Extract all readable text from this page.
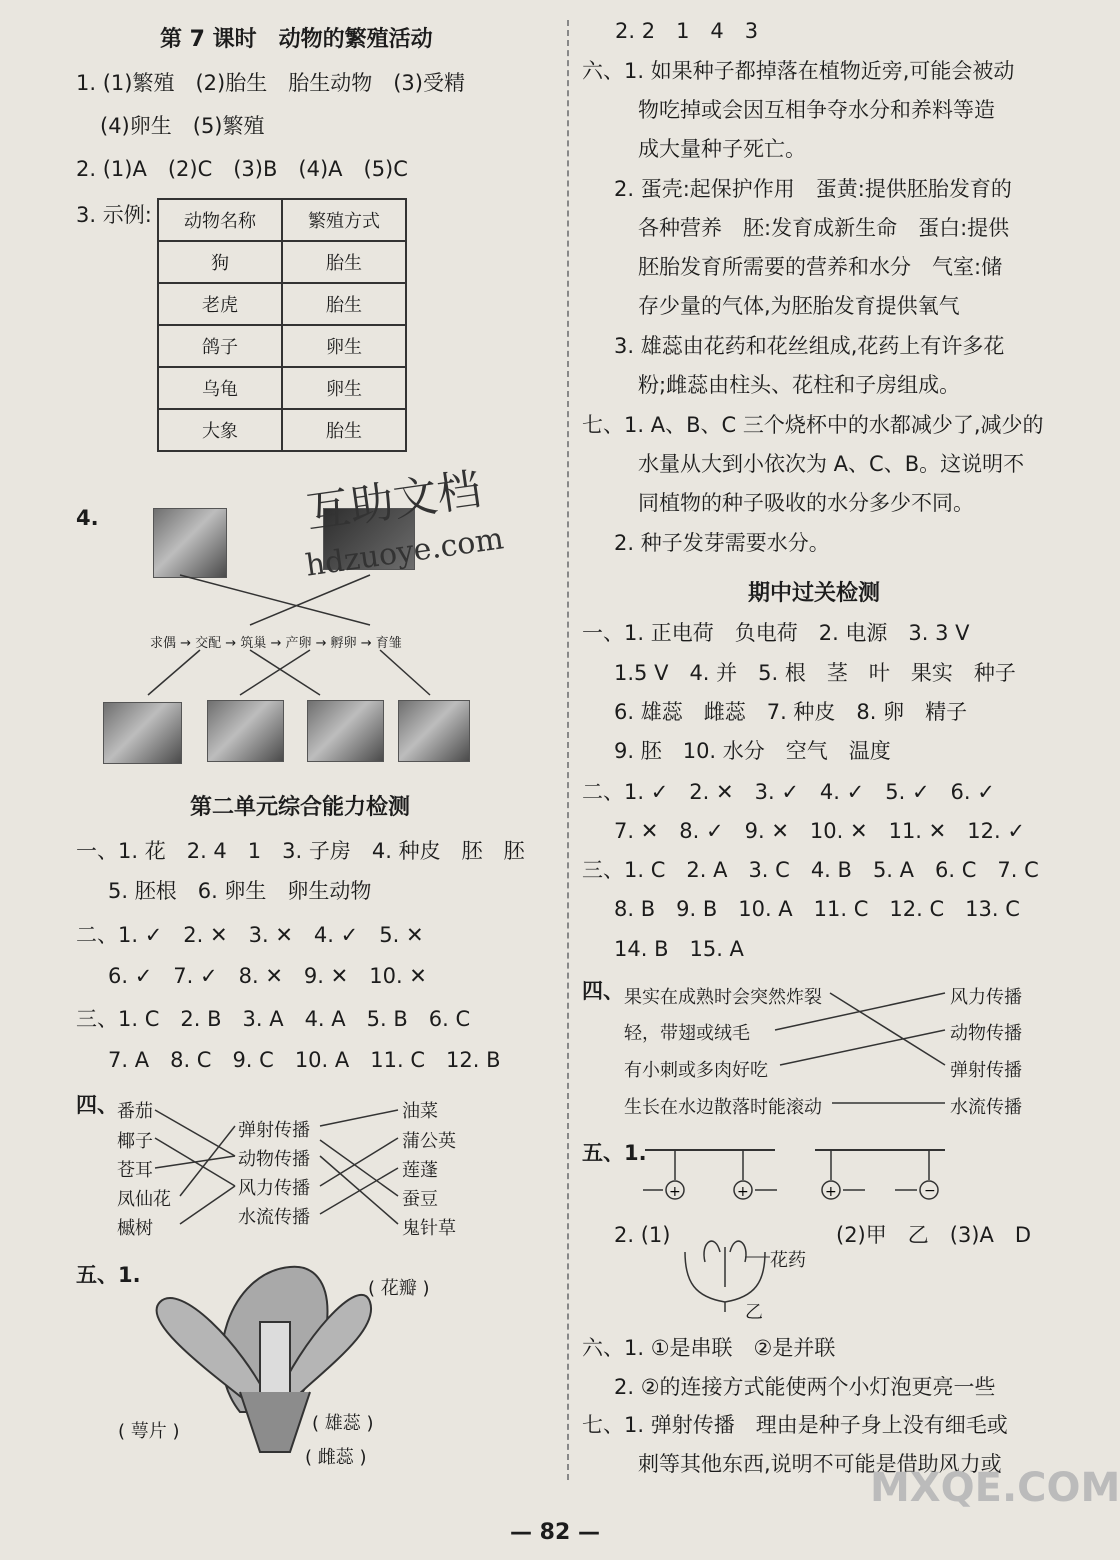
第 7 课时　动物的繁殖活动
1. (1)繁殖　(2)胎生　胎生动物　(3)受精
(4)卵生　(5)繁殖
2. (1)A　(2)C　(3)B　(4)A　(5)C
3. 示例: 动物名称	繁殖方式
狗	胎生
老虎	胎生
鸽子	卵生
乌龟	卵生
大象	胎生
4.
求偶 → 交配 → 筑巢 → 产卵 → 孵卵 → 育雏
第二单元综合能力检测
一、1. 花　2. 4　1　3. 子房　4. 种皮　胚　胚
5. 胚根　6. 卵生　卵生动物
二、1. ✓　2. ✕　3. ✕　4. ✓　5. ✕
6. ✓　7. ✓　8. ✕　9. ✕　10. ✕
三、1. C　2. B　3. A　4. A　5. B　6. C
7. A　8. C　9. C　10. A　11. C　12. B
四、 番茄
椰子
苍耳
凤仙花
槭树
弹射传播
动物传播
风力传播
水流传播
油菜
蒲公英
莲蓬
蚕豆
鬼针草
五、1.
( 花瓣 )
( 萼片 )	( 雄蕊 )
( 雌蕊 )
2. 2　1　4　3
六、1. 如果种子都掉落在植物近旁,可能会被动
物吃掉或会因互相争夺水分和养料等造
成大量种子死亡。
2. 蛋壳:起保护作用　蛋黄:提供胚胎发育的
各种营养　胚:发育成新生命　蛋白:提供
胚胎发育所需要的营养和水分　气室:储
存少量的气体,为胚胎发育提供氧气
3. 雄蕊由花药和花丝组成,花药上有许多花
粉;雌蕊由柱头、花柱和子房组成。
七、1. A、B、C 三个烧杯中的水都减少了,减少的
水量从大到小依次为 A、C、B。这说明不
同植物的种子吸收的水分多少不同。
2. 种子发芽需要水分。
期中过关检测
一、1. 正电荷　负电荷　2. 电源　3. 3 V
1.5 V　4. 并　5. 根　茎　叶　果实　种子
6. 雄蕊　雌蕊　7. 种皮　8. 卵　精子
9. 胚　10. 水分　空气　温度
二、1. ✓　2. ✕　3. ✓　4. ✓　5. ✓　6. ✓
7. ✕　8. ✓　9. ✕　10. ✕　11. ✕　12. ✓
三、1. C　2. A　3. C　4. B　5. A　6. C　7. C
8. B　9. B　10. A　11. C　12. C　13. C
14. B　15. A
四、 果实在成熟时会突然炸裂
轻，带翅或绒毛
有小刺或多肉好吃
生长在水边散落时能滚动
风力传播
动物传播
弹射传播
水流传播
五、1.
+	+	+	−
2. (1)
花药
乙
(2)甲　乙　(3)A　D
六、1. ①是串联　②是并联
2. ②的连接方式能使两个小灯泡更亮一些
七、1. 弹射传播　理由是种子身上没有细毛或
刺等其他东西,说明不可能是借助风力或
互助文档
hdzuoye.com
— 82 —
MXQE.COM
